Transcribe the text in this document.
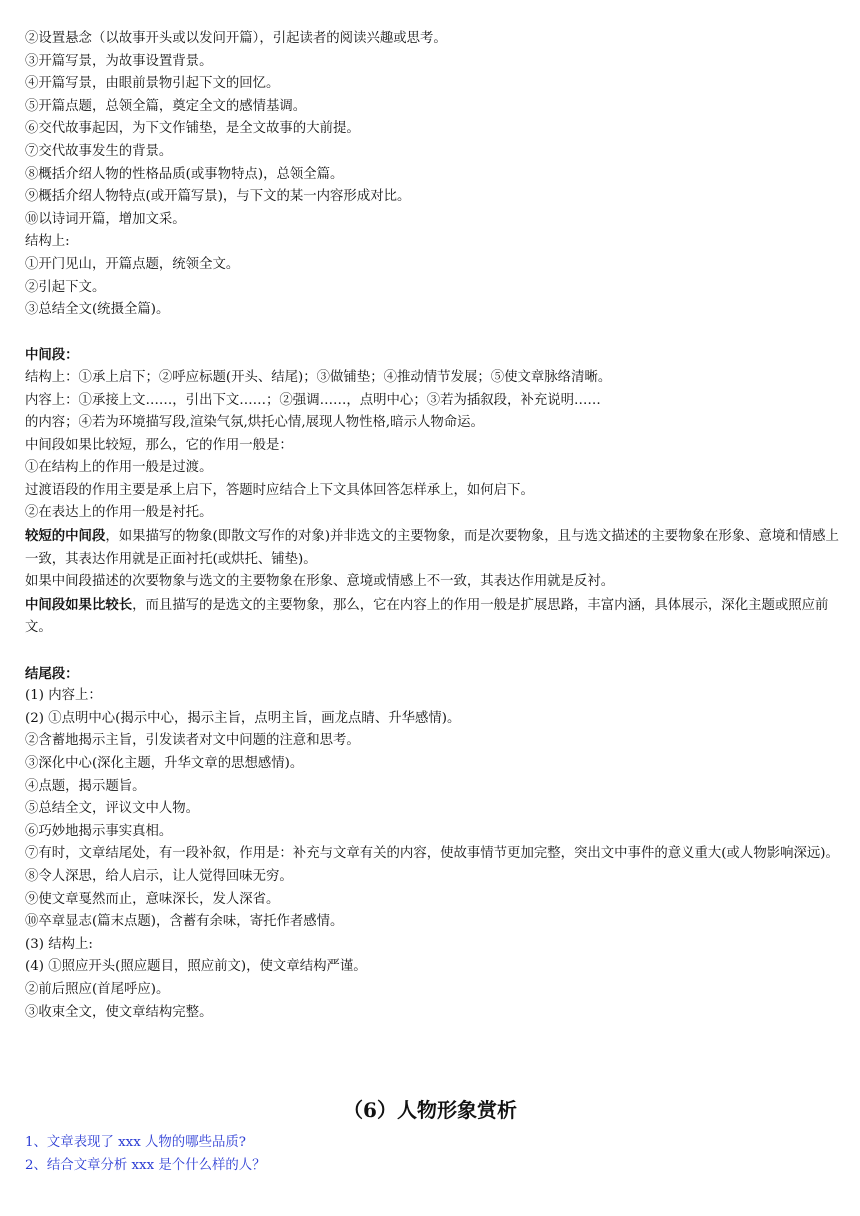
②设置悬念（以故事开头或以发问开篇），引起读者的阅读兴趣或思考。
③开篇写景，为故事设置背景。
④开篇写景，由眼前景物引起下文的回忆。
⑤开篇点题，总领全篇，奠定全文的感情基调。
⑥交代故事起因，为下文作铺垫，是全文故事的大前提。
⑦交代故事发生的背景。
⑧概括介绍人物的性格品质(或事物特点)，总领全篇。
⑨概括介绍人物特点(或开篇写景)，与下文的某一内容形成对比。
⑩以诗词开篇，增加文采。
结构上:
①开门见山，开篇点题，统领全文。
②引起下文。
③总结全文(统摄全篇)。
中间段：
结构上：①承上启下；②呼应标题(开头、结尾)；③做铺垫；④推动情节发展；⑤使文章脉络清晰。
内容上：①承接上文……，引出下文……；②强调……，点明中心；③若为插叙段，补充说明……
的内容；④若为环境描写段,渲染气氛,烘托心情,展现人物性格,暗示人物命运。
中间段如果比较短，那么，它的作用一般是：
①在结构上的作用一般是过渡。
过渡语段的作用主要是承上启下，答题时应结合上下文具体回答怎样承上，如何启下。
②在表达上的作用一般是衬托。
较短的中间段，如果描写的物象(即散文写作的对象)并非选文的主要物象，而是次要物象，且与选文描述的主要物象在形象、意境和情感上一致，其表达作用就是正面衬托(或烘托、铺垫)。
如果中间段描述的次要物象与选文的主要物象在形象、意境或情感上不一致，其表达作用就是反衬。
中间段如果比较长，而且描写的是选文的主要物象，那么，它在内容上的作用一般是扩展思路，丰富内涵，具体展示，深化主题或照应前文。
结尾段：
(1) 内容上：
(2) ①点明中心(揭示中心，揭示主旨，点明主旨，画龙点睛、升华感情)。
②含蓄地揭示主旨，引发读者对文中问题的注意和思考。
③深化中心(深化主题，升华文章的思想感情)。
④点题，揭示题旨。
⑤总结全文，评议文中人物。
⑥巧妙地揭示事实真相。
⑦有时，文章结尾处，有一段补叙，作用是：补充与文章有关的内容，使故事情节更加完整，突出文中事件的意义重大(或人物影响深远)。
⑧令人深思，给人启示，让人觉得回味无穷。
⑨使文章戛然而止，意味深长，发人深省。
⑩卒章显志(篇末点题)，含蓄有余味，寄托作者感情。
(3) 结构上:
(4) ①照应开头(照应题目，照应前文)，使文章结构严谨。
②前后照应(首尾呼应)。
③收束全文，使文章结构完整。
（6）人物形象赏析
1、文章表现了 xxx 人物的哪些品质?
2、结合文章分析 xxx 是个什么样的人？
